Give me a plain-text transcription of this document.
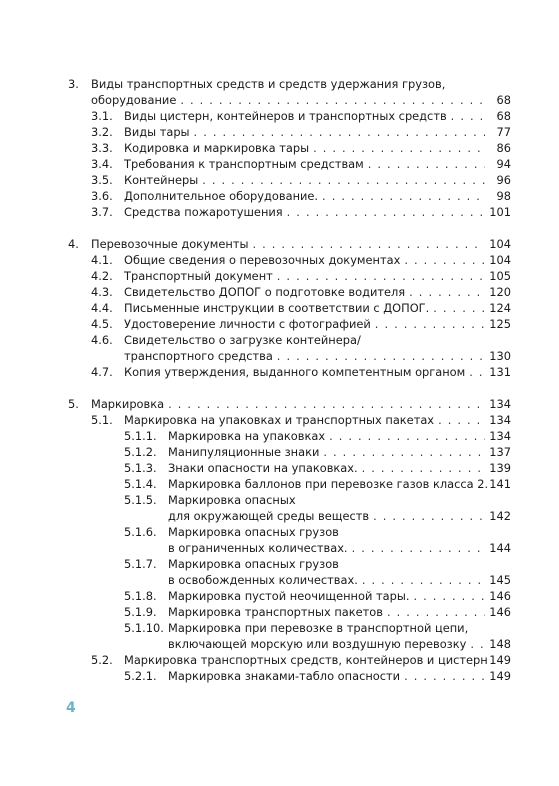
3. Виды транспортных средств и средств удержания грузов,
оборудование . . .	68
3.1. Виды цистерн, контейнеров и транспортных средств . . .	68
3.2. Виды тары . . .	77
3.3. Кодировка и маркировка тары . . .	86
3.4. Требования к транспортным средствам . . .	94
3.5. Контейнеры . . .	96
3.6. Дополнительное оборудование. . . .	98
3.7. Средства пожаротушения . . .	101
4. Перевозочные документы . . .	104
4.1. Общие сведения о перевозочных документах . . .	104
4.2. Транспортный документ . . .	105
4.3. Свидетельство ДОПОГ о подготовке водителя . . .	120
4.4. Письменные инструкции в соответствии с ДОПОГ. . . .	124
4.5. Удостоверение личности с фотографией . . .	125
4.6. Свидетельство о загрузке контейнера/
транспортного средства . . .	130
4.7. Копия утверждения, выданного компетентным органом . . . 131
5. Маркировка . . .	134
5.1. Маркировка на упаковках и транспортных пакетах . . .	134
5.1.1. Маркировка на упаковках . . .	134
5.1.2. Манипуляционные знаки . . .	137
5.1.3. Знаки опасности на упаковках. . . .	139
5.1.4. Маркировка баллонов при перевозке газов класса 2. 141
5.1.5. Маркировка опасных
для окружающей среды веществ . . .	142
5.1.6. Маркировка опасных грузов
в ограниченных количествах. . . .	144
5.1.7. Маркировка опасных грузов
в освобожденных количествах. . . .	145
5.1.8. Маркировка пустой неочищенной тары. . . .	146
5.1.9. Маркировка транспортных пакетов . . .	146
5.1.10. Маркировка при перевозке в транспортной цепи,
включающей морскую или воздушную перевозку . . . 148
5.2. Маркировка транспортных средств, контейнеров и цистерн 149
5.2.1. Маркировка знаками-табло опасности . . .	149
4
